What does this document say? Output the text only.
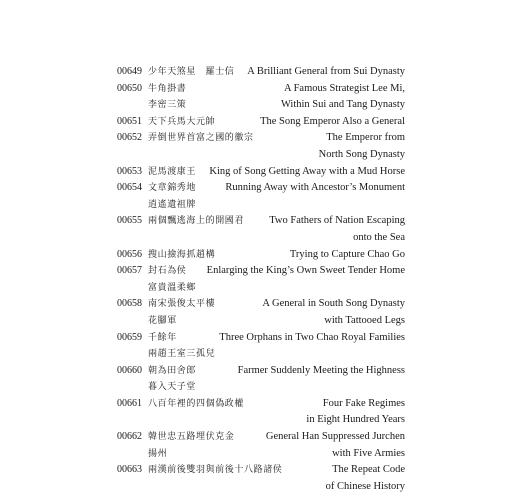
00649 少年天煞星　羅士信	A Brilliant General from Sui Dynasty
00650 牛角掛書	A Famous Strategist Lee Mi,
李密三策	Within Sui and Tang Dynasty
00651 天下兵馬大元帥	The Song Emperor Also a General
00652 弄倒世界首富之國的徽宗	The Emperor from
North Song Dynasty
00653 泥馬渡康王	King of Song Getting Away with a Mud Horse
00654 文章錦秀地	Running Away with Ancestor’s Monument
逍遙遺祖牌
00655 兩個飄逃海上的開國君	Two Fathers of Nation Escaping
onto the Sea
00656 搜山撿海抓趙構	Trying to Capture Chao Go
00657 封石為侯	Enlarging the King’s Own Sweet Tender Home
富貴溫柔鄉
00658 南宋張俊太平樓	A General in South Song Dynasty
花腳軍	with Tattooed Legs
00659 千餘年	Three Orphans in Two Chao Royal Families
兩趙王室三孤兒
00660 朝為田舍郎	Farmer Suddenly Meeting the Highness
暮入天子堂
00661 八百年裡的四個偽政權	Four Fake Regimes
in Eight Hundred Years
00662 韓世忠五路埋伏克金	General Han Suppressed Jurchen
揚州	with Five Armies
00663 兩漢前後雙羽與前後十八路諸侯	The Repeat Code
of Chinese History
